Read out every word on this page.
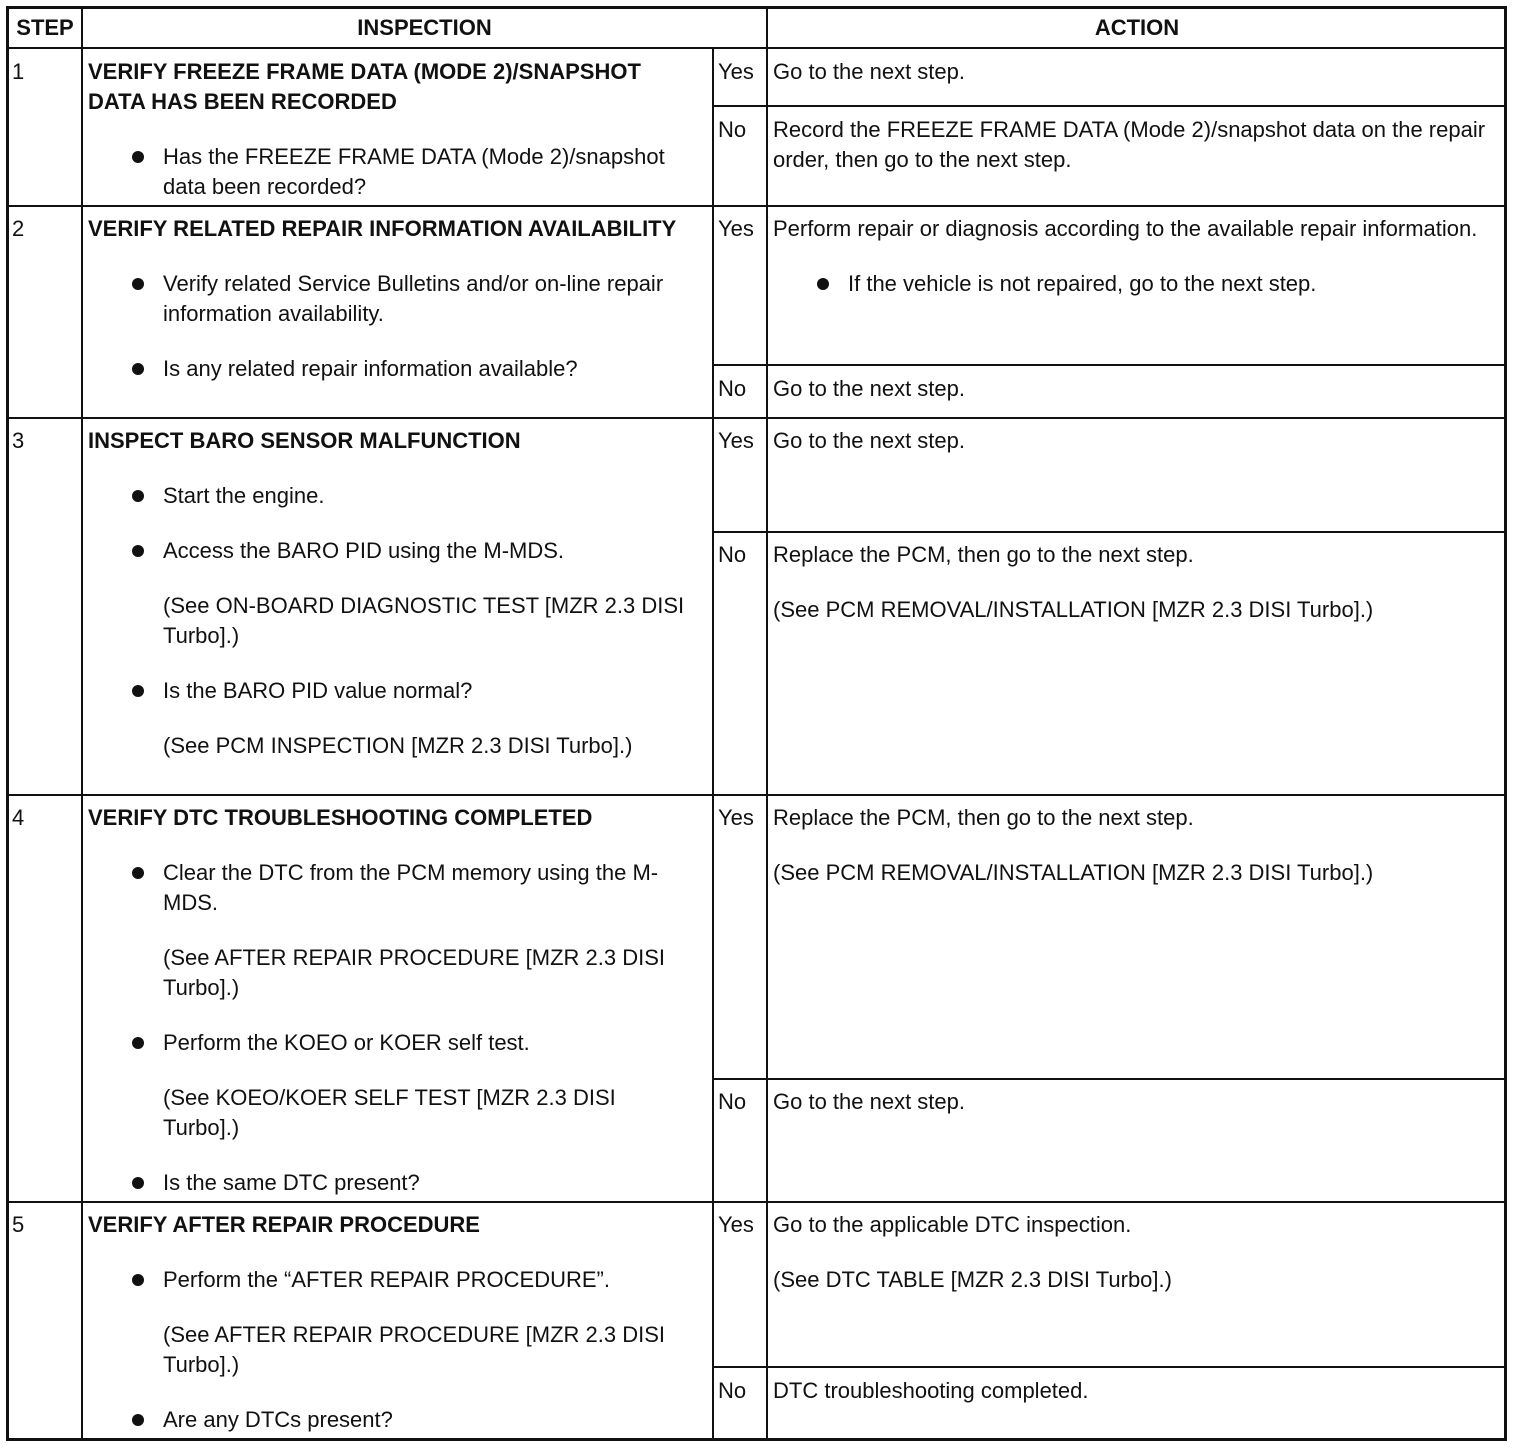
STEP	INSPECTION	ACTION
1	VERIFY FREEZE FRAME DATA (MODE 2)/SNAPSHOT DATA HAS BEEN RECORDED

Has the FREEZE FRAME DATA (Mode 2)/snapshot data been recorded?
Yes Go to the next step.
No Record the FREEZE FRAME DATA (Mode 2)/snapshot data on the repair order, then go to the next step.
2	VERIFY RELATED REPAIR INFORMATION AVAILABILITY

Verify related Service Bulletins and/or on-line repair information availability.
Is any related repair information available?
Yes Perform repair or diagnosis according to the available repair information.

If the vehicle is not repaired, go to the next step.
No Go to the next step.
3	INSPECT BARO SENSOR MALFUNCTION

Start the engine.
Access the BARO PID using the M-MDS.
(See ON-BOARD DIAGNOSTIC TEST [MZR 2.3 DISI Turbo].)
Is the BARO PID value normal?
(See PCM INSPECTION [MZR 2.3 DISI Turbo].)
Yes Go to the next step.
No Replace the PCM, then go to the next step.

(See PCM REMOVAL/INSTALLATION [MZR 2.3 DISI Turbo].)
4	VERIFY DTC TROUBLESHOOTING COMPLETED

Clear the DTC from the PCM memory using the M-MDS.
(See AFTER REPAIR PROCEDURE [MZR 2.3 DISI Turbo].)
Perform the KOEO or KOER self test.
(See KOEO/KOER SELF TEST [MZR 2.3 DISI Turbo].)
Is the same DTC present?
Yes Replace the PCM, then go to the next step.

(See PCM REMOVAL/INSTALLATION [MZR 2.3 DISI Turbo].)
No Go to the next step.
5	VERIFY AFTER REPAIR PROCEDURE

Perform the “AFTER REPAIR PROCEDURE”.
(See AFTER REPAIR PROCEDURE [MZR 2.3 DISI Turbo].)
Are any DTCs present?
Yes Go to the applicable DTC inspection.

(See DTC TABLE [MZR 2.3 DISI Turbo].)
No DTC troubleshooting completed.
